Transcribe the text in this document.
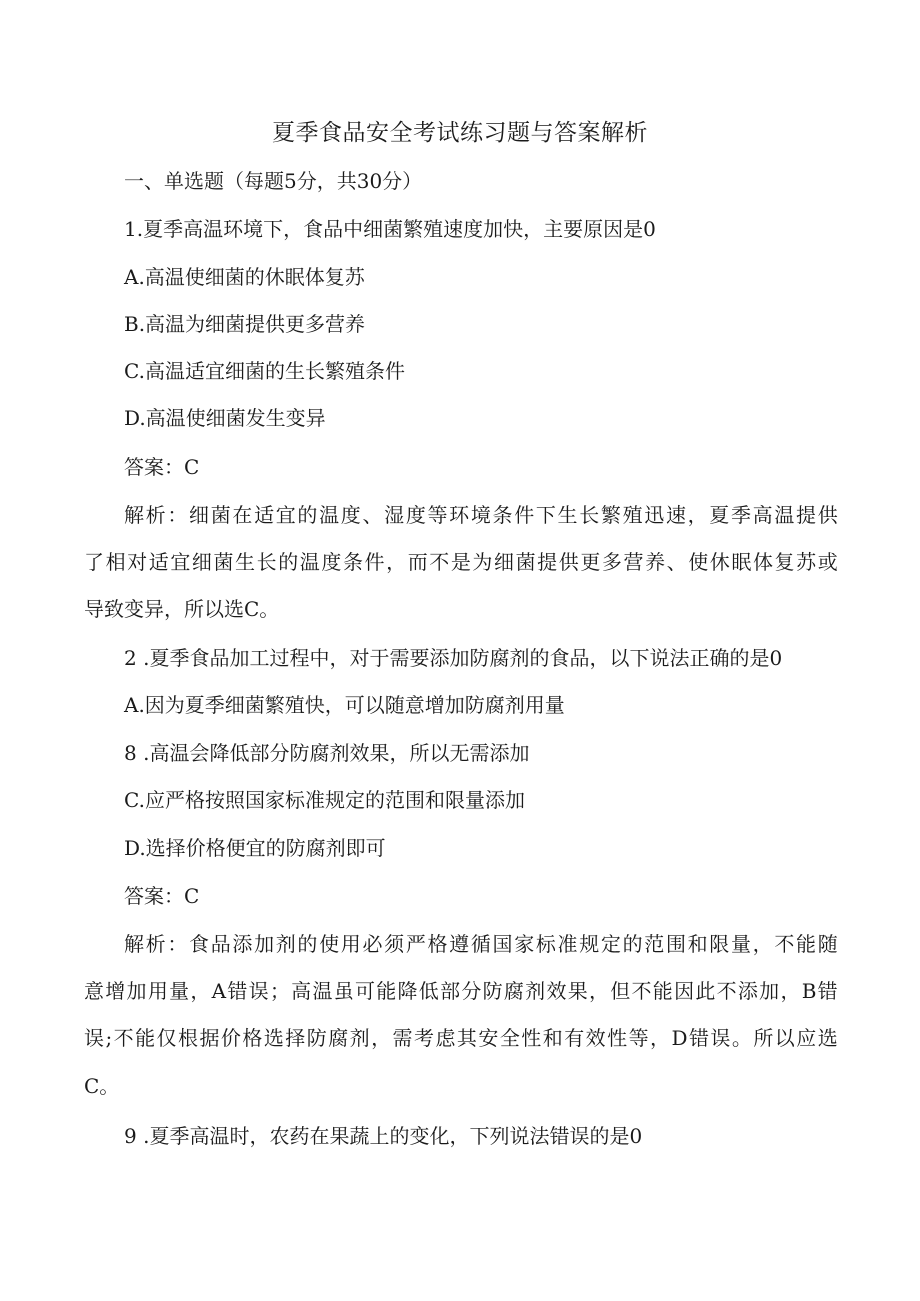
夏季食品安全考试练习题与答案解析
一、单选题（每题5分，共30分）
1.夏季高温环境下，食品中细菌繁殖速度加快，主要原因是0
A.高温使细菌的休眠体复苏
B.高温为细菌提供更多营养
C.高温适宜细菌的生长繁殖条件
D.高温使细菌发生变异
答案：C
解析：细菌在适宜的温度、湿度等环境条件下生长繁殖迅速，夏季高温提供
了相对适宜细菌生长的温度条件，而不是为细菌提供更多营养、使休眠体复苏或
导致变异，所以选C。
2 .夏季食品加工过程中，对于需要添加防腐剂的食品，以下说法正确的是0
A.因为夏季细菌繁殖快，可以随意增加防腐剂用量
8 .高温会降低部分防腐剂效果，所以无需添加
C.应严格按照国家标准规定的范围和限量添加
D.选择价格便宜的防腐剂即可
答案：C
解析：食品添加剂的使用必须严格遵循国家标准规定的范围和限量，不能随
意增加用量，A错误；高温虽可能降低部分防腐剂效果，但不能因此不添加，B错
误;不能仅根据价格选择防腐剂，需考虑其安全性和有效性等，D错误。所以应选
C。
9 .夏季高温时，农药在果蔬上的变化，下列说法错误的是0
